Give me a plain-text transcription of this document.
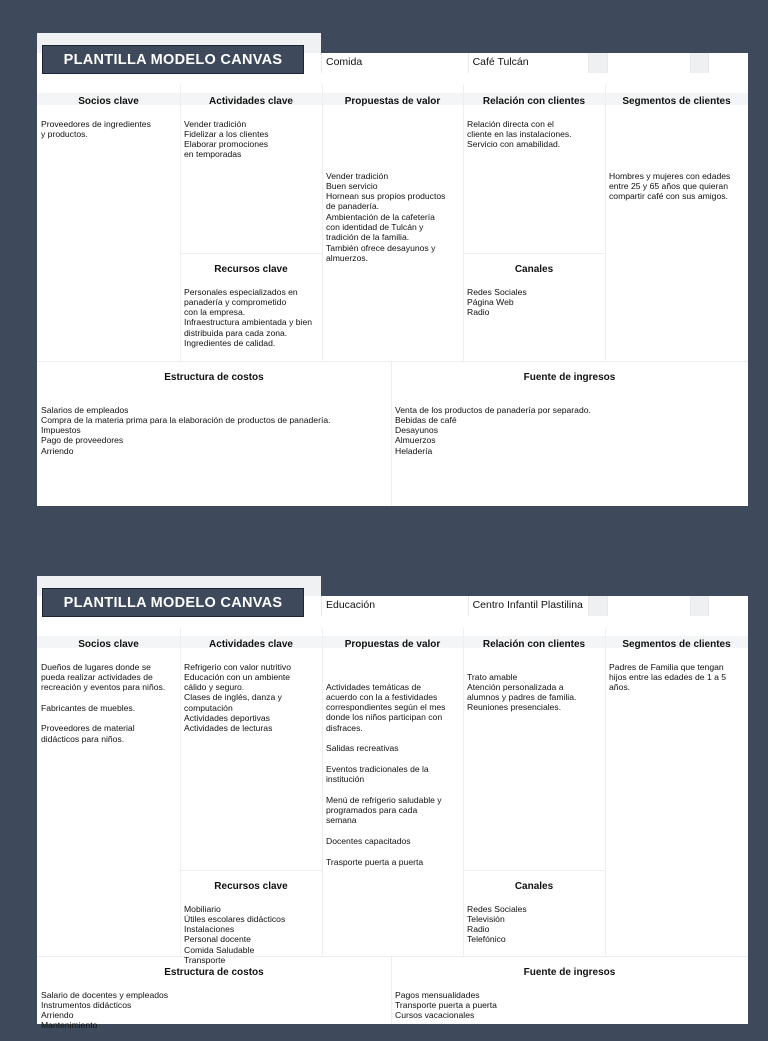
Comida	Café Tulcán
PLANTILLA MODELO CANVAS

Socios clave

Proveedores de ingredientes
y productos.

Actividades clave

Vender tradición
Fidelizar a los clientes
Elaborar promociones
en temporadas

Recursos clave

Personales especializados en
panadería y comprometido
con la empresa.
Infraestructura ambientada y bien
distribuida para cada zona.
Ingredientes de calidad.

Propuestas de valor

Vender tradición
Buen servicio
Hornean sus propios productos
de panadería.
Ambientación de la cafetería
con identidad de Tulcán y
tradición de la familia.
También ofrece desayunos y
almuerzos.

Relación con clientes

Relación directa con el
cliente en las instalaciones.
Servicio con amabilidad.

Canales

Redes Sociales
Página Web
Radio

Segmentos de clientes

Hombres y mujeres con edades
entre 25 y 65 años que quieran
compartir café con sus amigos.

Estructura de costos

Salarios de empleados
Compra de la materia prima para la elaboración de productos de panadería.
Impuestos
Pago de proveedores
Arriendo

Fuente de ingresos

Venta de los productos de panadería por separado.
Bebidas de café
Desayunos
Almuerzos
Heladería

Educación	Centro Infantil Plastilina
PLANTILLA MODELO CANVAS

Socios clave

Dueños de lugares donde se
pueda realizar actividades de
recreación y eventos para niños.

Fabricantes de muebles.

Proveedores de material
didácticos para niños.

Actividades clave

Refrigerio con valor nutritivo
Educación con un ambiente
cálido y seguro.
Clases de inglés, danza y
computación
Actividades deportivas
Actividades de lecturas

Recursos clave

Mobiliario
Útiles escolares didácticos
Instalaciones
Personal docente
Comida Saludable
Transporte

Propuestas de valor

Actividades temáticas de
acuerdo con la a festividades
correspondientes según el mes
donde los niños participan con
disfraces.

Salidas recreativas

Eventos tradicionales de la
institución

Menú de refrigerio saludable y
programados para cada
semana

Docentes capacitados

Trasporte puerta a puerta

Relación con clientes

Trato amable
Atención personalizada a
alumnos y padres de familia.
Reuniones presenciales.

Canales

Redes Sociales
Televisión
Radio
Telefónico

Segmentos de clientes

Padres de Familia que tengan
hijos entre las edades de 1 a 5
años.

Estructura de costos

Salario de docentes y empleados
Instrumentos didácticos
Arriendo
Mantenimiento

Fuente de ingresos

Pagos mensualidades
Transporte puerta a puerta
Cursos vacacionales
